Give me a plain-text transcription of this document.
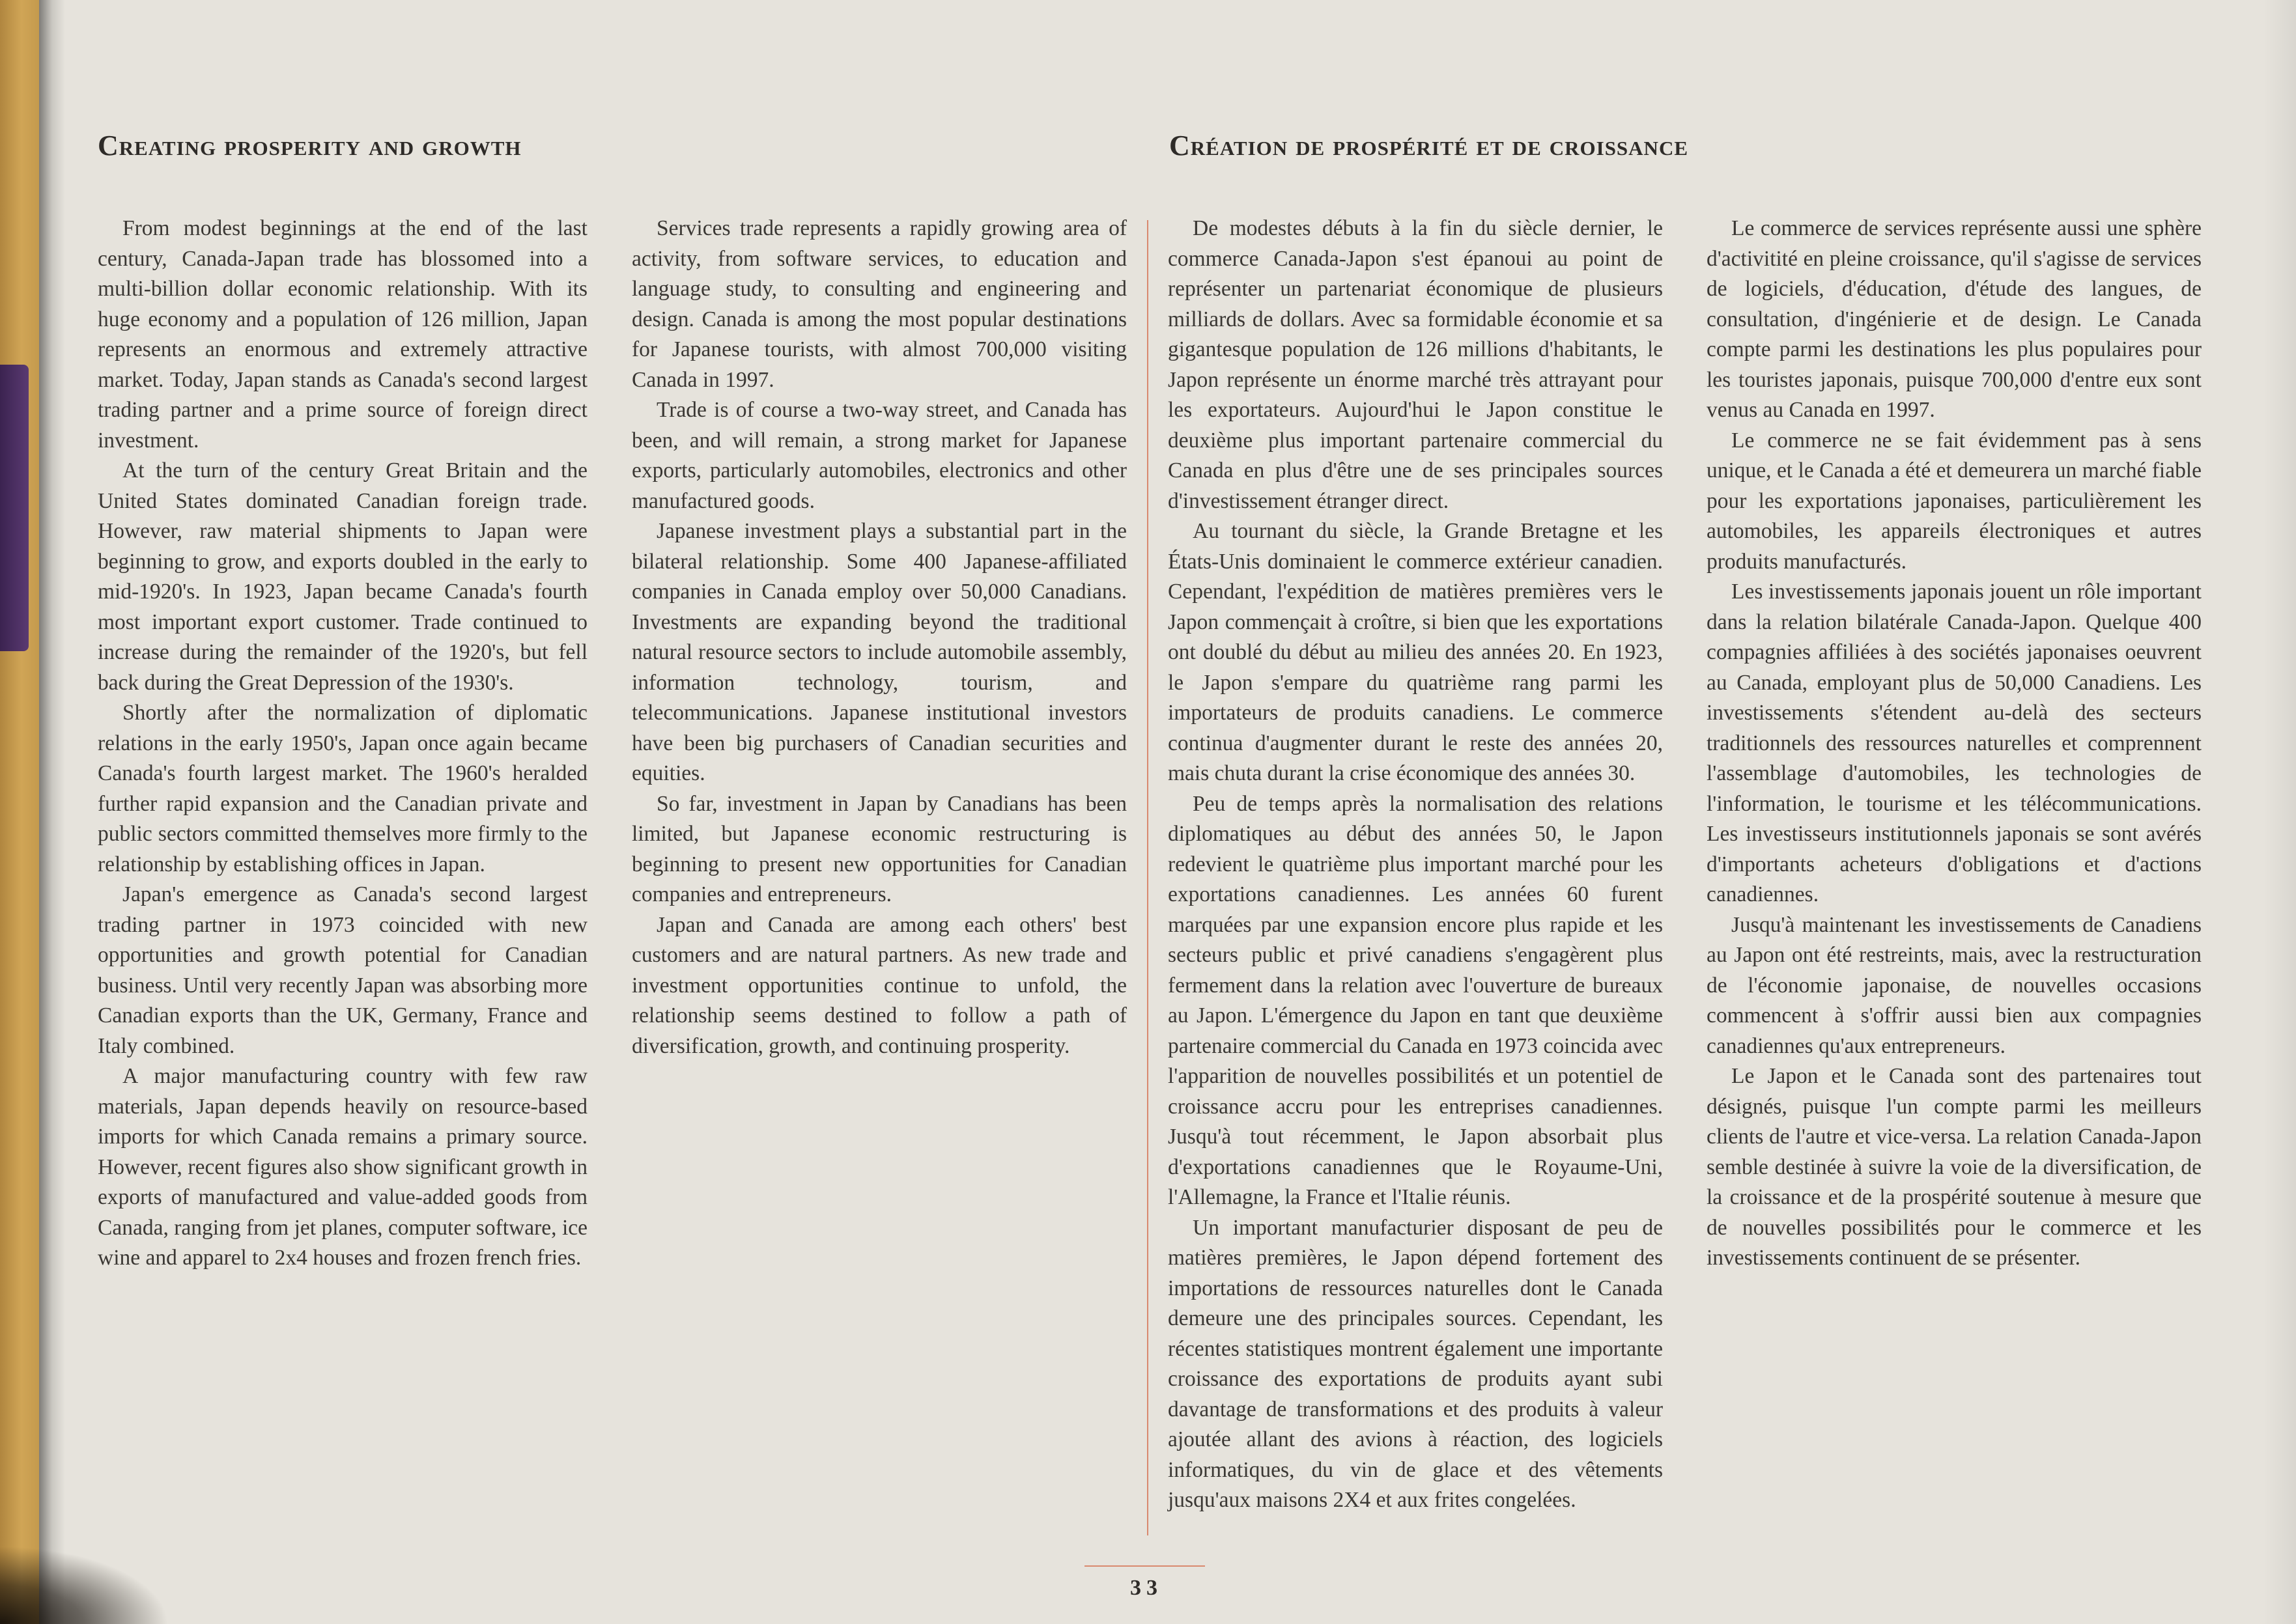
Creating prosperity and growth	Création de prospérité et de croissance

From modest beginnings at the end of the last century, Canada-Japan trade has blossomed into a multi-billion dollar economic relationship. With its huge economy and a population of 126 million, Japan represents an enormous and extremely attractive market. Today, Japan stands as Canada's second largest trading partner and a prime source of foreign direct investment.

At the turn of the century Great Britain and the United States dominated Canadian foreign trade. However, raw material shipments to Japan were beginning to grow, and exports doubled in the early to mid-1920's. In 1923, Japan became Canada's fourth most important export customer. Trade continued to increase during the remainder of the 1920's, but fell back during the Great Depression of the 1930's.

Shortly after the normalization of diplomatic relations in the early 1950's, Japan once again became Canada's fourth largest market. The 1960's heralded further rapid expansion and the Canadian private and public sectors committed themselves more firmly to the relationship by establishing offices in Japan.

Japan's emergence as Canada's second largest trading partner in 1973 coincided with new opportunities and growth potential for Canadian business. Until very recently Japan was absorbing more Canadian exports than the UK, Germany, France and Italy combined.

A major manufacturing country with few raw materials, Japan depends heavily on resource-based imports for which Canada remains a primary source. However, recent figures also show significant growth in exports of manufactured and value-added goods from Canada, ranging from jet planes, computer software, ice wine and apparel to 2x4 houses and frozen french fries.

Services trade represents a rapidly growing area of activity, from software services, to education and language study, to consulting and engineering and design. Canada is among the most popular destinations for Japanese tourists, with almost 700,000 visiting Canada in 1997.

Trade is of course a two-way street, and Canada has been, and will remain, a strong market for Japanese exports, particularly automobiles, electronics and other manufactured goods.

Japanese investment plays a substantial part in the bilateral relationship. Some 400 Japanese-affiliated companies in Canada employ over 50,000 Canadians. Investments are expanding beyond the traditional natural resource sectors to include automobile assembly, information technology, tourism, and telecommunications. Japanese institutional investors have been big purchasers of Canadian securities and equities.

So far, investment in Japan by Canadians has been limited, but Japanese economic restructuring is beginning to present new opportunities for Canadian companies and entrepreneurs.

Japan and Canada are among each others' best customers and are natural partners. As new trade and investment opportunities continue to unfold, the relationship seems destined to follow a path of diversification, growth, and continuing prosperity.

De modestes débuts à la fin du siècle dernier, le commerce Canada-Japon s'est épanoui au point de représenter un partenariat économique de plusieurs milliards de dollars. Avec sa formidable économie et sa gigantesque population de 126 millions d'habitants, le Japon représente un énorme marché très attrayant pour les exportateurs. Aujourd'hui le Japon constitue le deuxième plus important partenaire commercial du Canada en plus d'être une de ses principales sources d'investissement étranger direct.

Au tournant du siècle, la Grande Bretagne et les États-Unis dominaient le commerce extérieur canadien. Cependant, l'expédition de matières premières vers le Japon commençait à croître, si bien que les exportations ont doublé du début au milieu des années 20. En 1923, le Japon s'empare du quatrième rang parmi les importateurs de produits canadiens. Le commerce continua d'augmenter durant le reste des années 20, mais chuta durant la crise économique des années 30.

Peu de temps après la normalisation des relations diplomatiques au début des années 50, le Japon redevient le quatrième plus important marché pour les exportations canadiennes. Les années 60 furent marquées par une expansion encore plus rapide et les secteurs public et privé canadiens s'engagèrent plus fermement dans la relation avec l'ouverture de bureaux au Japon. L'émergence du Japon en tant que deuxième partenaire commercial du Canada en 1973 coincida avec l'apparition de nouvelles possibilités et un potentiel de croissance accru pour les entreprises canadiennes. Jusqu'à tout récemment, le Japon absorbait plus d'exportations canadiennes que le Royaume-Uni, l'Allemagne, la France et l'Italie réunis.

Un important manufacturier disposant de peu de matières premières, le Japon dépend fortement des importations de ressources naturelles dont le Canada demeure une des principales sources. Cependant, les récentes statistiques montrent également une importante croissance des exportations de produits ayant subi davantage de transformations et des produits à valeur ajoutée allant des avions à réaction, des logiciels informatiques, du vin de glace et des vêtements jusqu'aux maisons 2X4 et aux frites congelées.

Le commerce de services représente aussi une sphère d'activitité en pleine croissance, qu'il s'agisse de services de logiciels, d'éducation, d'étude des langues, de consultation, d'ingénierie et de design. Le Canada compte parmi les destinations les plus populaires pour les touristes japonais, puisque 700,000 d'entre eux sont venus au Canada en 1997.

Le commerce ne se fait évidemment pas à sens unique, et le Canada a été et demeurera un marché fiable pour les exportations japonaises, particulièrement les automobiles, les appareils électroniques et autres produits manufacturés.

Les investissements japonais jouent un rôle important dans la relation bilatérale Canada-Japon. Quelque 400 compagnies affiliées à des sociétés japonaises oeuvrent au Canada, employant plus de 50,000 Canadiens. Les investissements s'étendent au-delà des secteurs traditionnels des ressources naturelles et comprennent l'assemblage d'automobiles, les technologies de l'information, le tourisme et les télécommunications. Les investisseurs institutionnels japonais se sont avérés d'importants acheteurs d'obligations et d'actions canadiennes.

Jusqu'à maintenant les investissements de Canadiens au Japon ont été restreints, mais, avec la restructuration de l'économie japonaise, de nouvelles occasions commencent à s'offrir aussi bien aux compagnies canadiennes qu'aux entrepreneurs.

Le Japon et le Canada sont des partenaires tout désignés, puisque l'un compte parmi les meilleurs clients de l'autre et vice-versa. La relation Canada-Japon semble destinée à suivre la voie de la diversification, de la croissance et de la prospérité soutenue à mesure que de nouvelles possibilités pour le commerce et les investissements continuent de se présenter.

33
